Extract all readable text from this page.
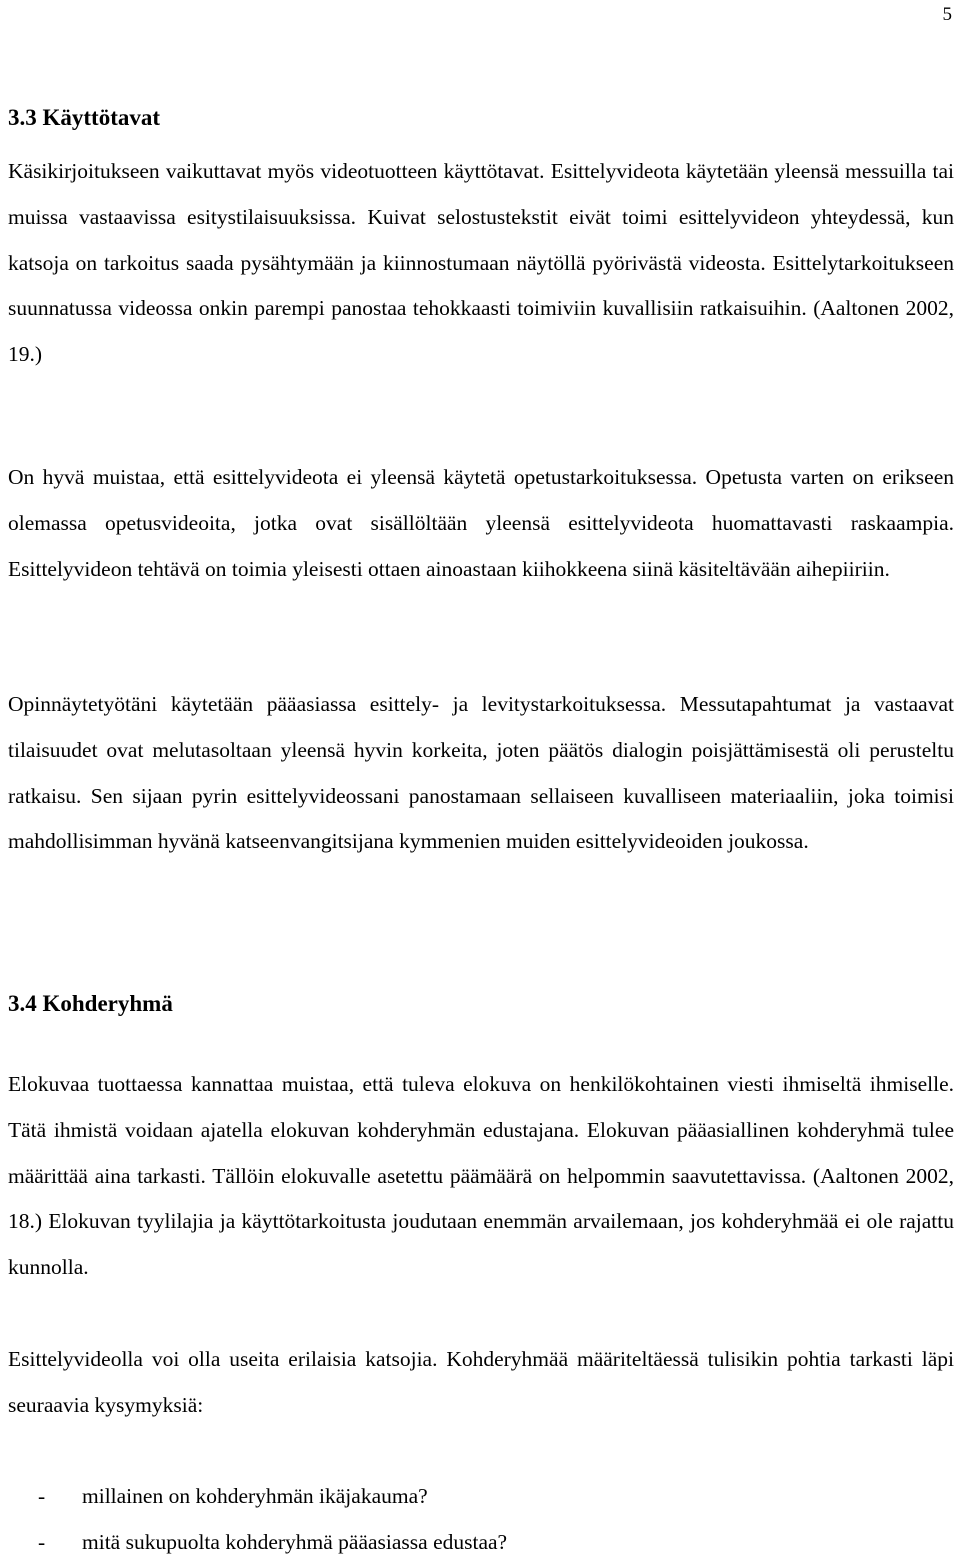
5
3.3 Käyttötavat

Käsikirjoitukseen vaikuttavat myös videotuotteen käyttötavat. Esittelyvideota käytetään yleensä messuilla tai muissa vastaavissa esitystilaisuuksissa. Kuivat selostustekstit eivät toimi esittelyvideon yhteydessä, kun katsoja on tarkoitus saada pysähtymään ja kiinnostumaan näytöllä pyörivästä videosta. Esittelytarkoitukseen suunnatussa videossa onkin parempi panostaa tehokkaasti toimiviin kuvallisiin ratkaisuihin. (Aaltonen 2002, 19.)

On hyvä muistaa, että esittelyvideota ei yleensä käytetä opetustarkoituksessa. Opetusta varten on erikseen olemassa opetusvideoita, jotka ovat sisällöltään yleensä esittelyvideota huomattavasti raskaampia. Esittelyvideon tehtävä on toimia yleisesti ottaen ainoastaan kiihokkeena siinä käsiteltävään aihepiiriin.

Opinnäytetyötäni käytetään pääasiassa esittely- ja levitystarkoituksessa. Messutapahtumat ja vastaavat tilaisuudet ovat melutasoltaan yleensä hyvin korkeita, joten päätös dialogin poisjättämisestä oli perusteltu ratkaisu. Sen sijaan pyrin esittelyvideossani panostamaan sellaiseen kuvalliseen materiaaliin, joka toimisi mahdollisimman hyvänä katseenvangitsijana kymmenien muiden esittelyvideoiden joukossa.

3.4 Kohderyhmä

Elokuvaa tuottaessa kannattaa muistaa, että tuleva elokuva on henkilökohtainen viesti ihmiseltä ihmiselle. Tätä ihmistä voidaan ajatella elokuvan kohderyhmän edustajana. Elokuvan pääasiallinen kohderyhmä tulee määrittää aina tarkasti. Tällöin elokuvalle asetettu päämäärä on helpommin saavutettavissa. (Aaltonen 2002, 18.) Elokuvan tyylilajia ja käyttötarkoitusta joudutaan enemmän arvailemaan, jos kohderyhmää ei ole rajattu kunnolla.

Esittelyvideolla voi olla useita erilaisia katsojia. Kohderyhmää määriteltäessä tulisikin pohtia tarkasti läpi seuraavia kysymyksiä:

- millainen on kohderyhmän ikäjakauma?
- mitä sukupuolta kohderyhmä pääasiassa edustaa?
